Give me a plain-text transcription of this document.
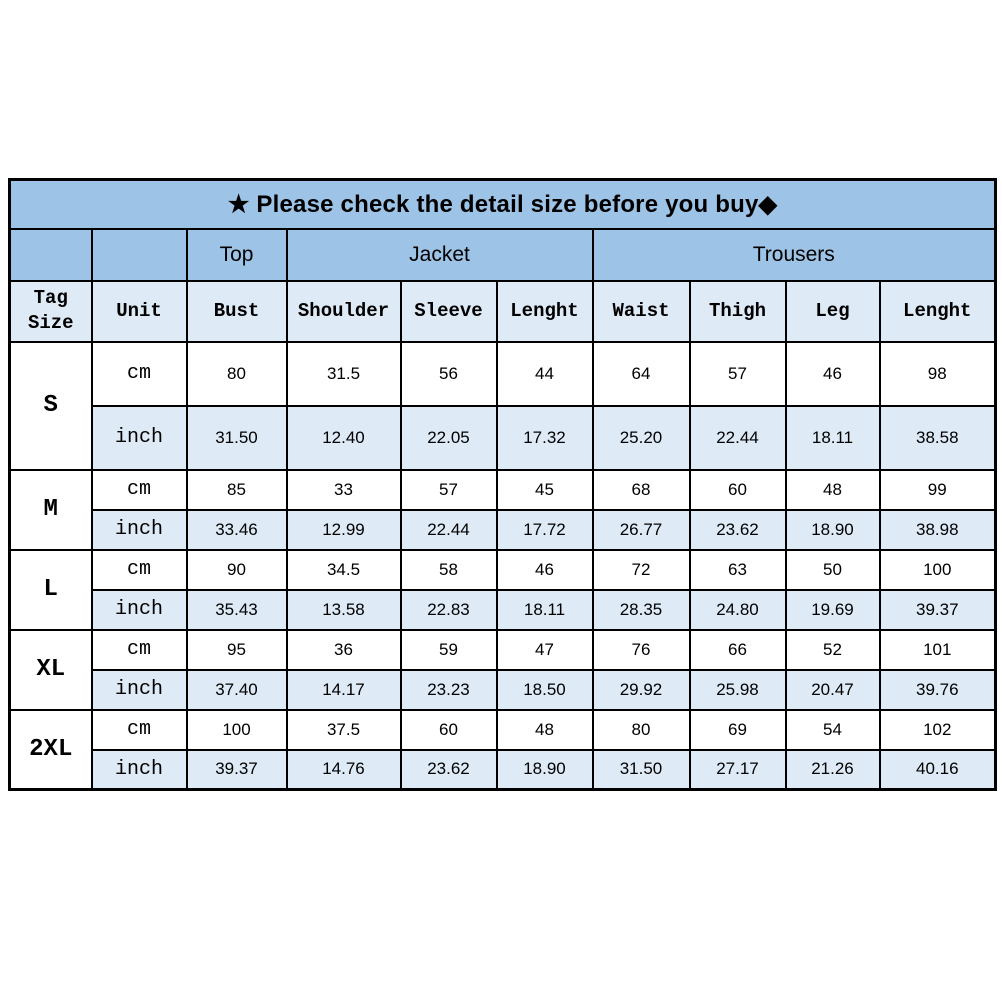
★ Please check the detail size before you buy◆									
		Top	Jacket			Trousers			
Tag Size	Unit	Bust	Shoulder	Sleeve	Lenght	Waist	Thigh	Leg	Lenght
S	cm	80	31.5	56	44	64	57	46	98
	inch	31.50	12.40	22.05	17.32	25.20	22.44	18.11	38.58
M	cm	85	33	57	45	68	60	48	99
	inch	33.46	12.99	22.44	17.72	26.77	23.62	18.90	38.98
L	cm	90	34.5	58	46	72	63	50	100
	inch	35.43	13.58	22.83	18.11	28.35	24.80	19.69	39.37
XL	cm	95	36	59	47	76	66	52	101
	inch	37.40	14.17	23.23	18.50	29.92	25.98	20.47	39.76
2XL	cm	100	37.5	60	48	80	69	54	102
	inch	39.37	14.76	23.62	18.90	31.50	27.17	21.26	40.16
